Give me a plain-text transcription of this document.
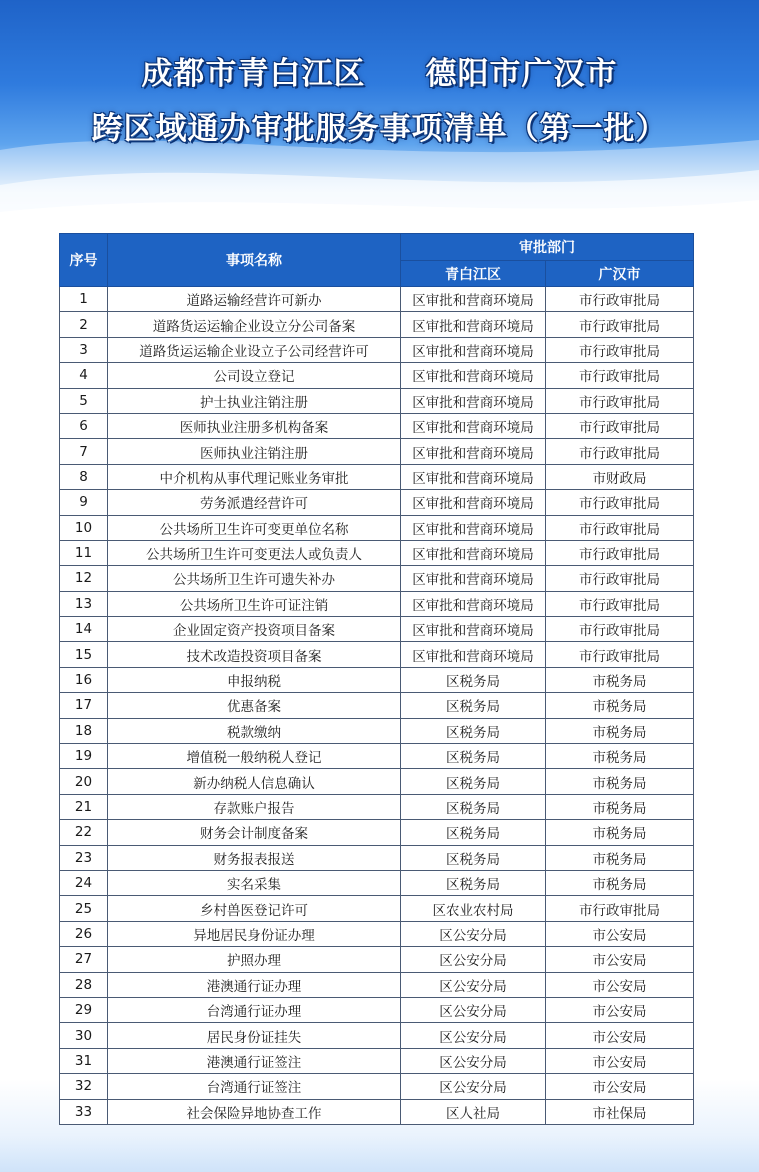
成都市青白江区 德阳市广汉市
跨区域通办审批服务事项清单（第一批）
序号	事项名称	审批部门	
		青白江区	广汉市
1	道路运输经营许可新办	区审批和营商环境局	市行政审批局
2	道路货运运输企业设立分公司备案	区审批和营商环境局	市行政审批局
3	道路货运运输企业设立子公司经营许可	区审批和营商环境局	市行政审批局
4	公司设立登记	区审批和营商环境局	市行政审批局
5	护士执业注销注册	区审批和营商环境局	市行政审批局
6	医师执业注册多机构备案	区审批和营商环境局	市行政审批局
7	医师执业注销注册	区审批和营商环境局	市行政审批局
8	中介机构从事代理记账业务审批	区审批和营商环境局	市财政局
9	劳务派遣经营许可	区审批和营商环境局	市行政审批局
10	公共场所卫生许可变更单位名称	区审批和营商环境局	市行政审批局
11	公共场所卫生许可变更法人或负责人	区审批和营商环境局	市行政审批局
12	公共场所卫生许可遗失补办	区审批和营商环境局	市行政审批局
13	公共场所卫生许可证注销	区审批和营商环境局	市行政审批局
14	企业固定资产投资项目备案	区审批和营商环境局	市行政审批局
15	技术改造投资项目备案	区审批和营商环境局	市行政审批局
16	申报纳税	区税务局	市税务局
17	优惠备案	区税务局	市税务局
18	税款缴纳	区税务局	市税务局
19	增值税一般纳税人登记	区税务局	市税务局
20	新办纳税人信息确认	区税务局	市税务局
21	存款账户报告	区税务局	市税务局
22	财务会计制度备案	区税务局	市税务局
23	财务报表报送	区税务局	市税务局
24	实名采集	区税务局	市税务局
25	乡村兽医登记许可	区农业农村局	市行政审批局
26	异地居民身份证办理	区公安分局	市公安局
27	护照办理	区公安分局	市公安局
28	港澳通行证办理	区公安分局	市公安局
29	台湾通行证办理	区公安分局	市公安局
30	居民身份证挂失	区公安分局	市公安局
31	港澳通行证签注	区公安分局	市公安局
32	台湾通行证签注	区公安分局	市公安局
33	社会保险异地协查工作	区人社局	市社保局
